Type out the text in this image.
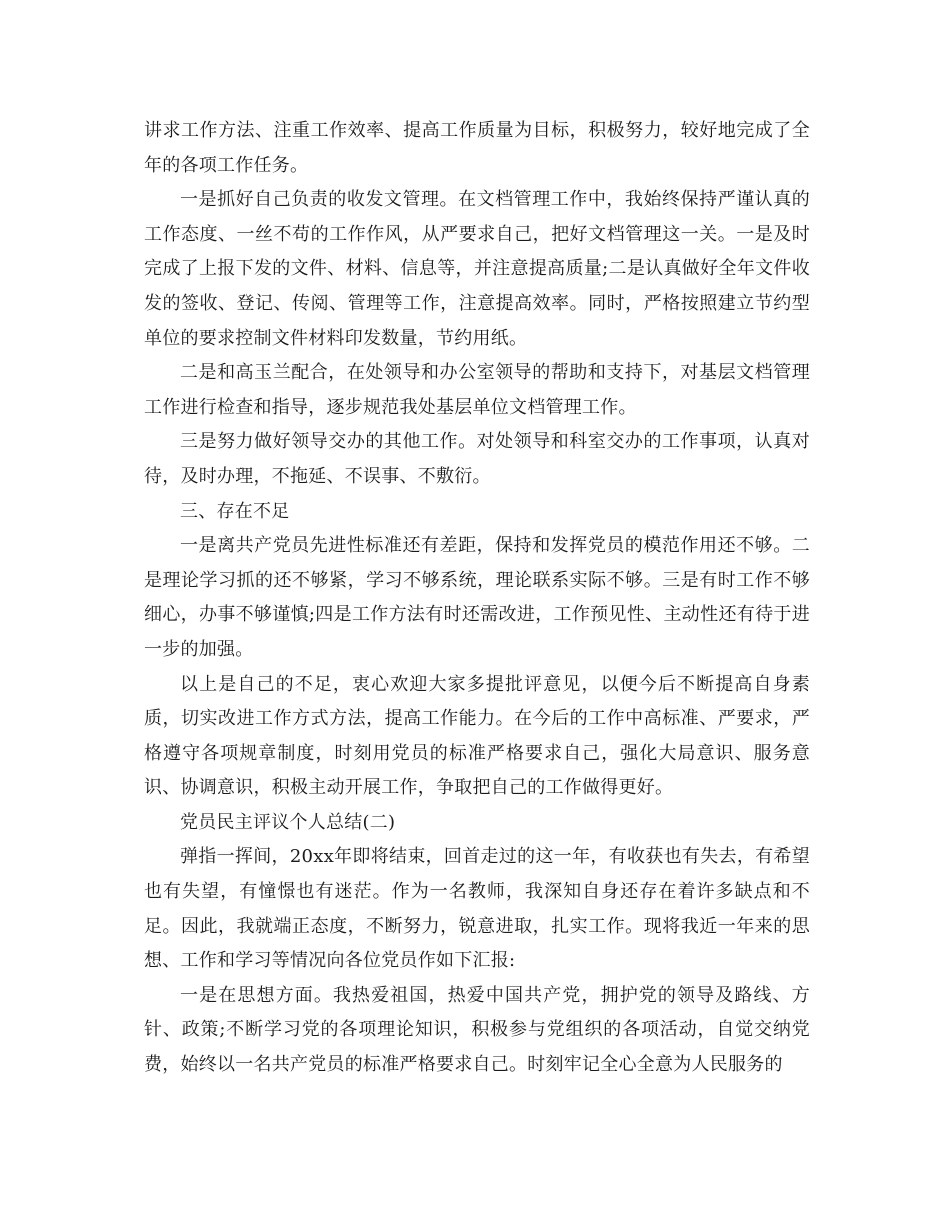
讲求工作方法、注重工作效率、提高工作质量为目标，积极努力，较好地完成了全年的各项工作任务。

一是抓好自己负责的收发文管理。在文档管理工作中，我始终保持严谨认真的工作态度、一丝不苟的工作作风，从严要求自己，把好文档管理这一关。一是及时完成了上报下发的文件、材料、信息等，并注意提高质量;二是认真做好全年文件收发的签收、登记、传阅、管理等工作，注意提高效率。同时，严格按照建立节约型单位的要求控制文件材料印发数量，节约用纸。

二是和高玉兰配合，在处领导和办公室领导的帮助和支持下，对基层文档管理工作进行检查和指导，逐步规范我处基层单位文档管理工作。

三是努力做好领导交办的其他工作。对处领导和科室交办的工作事项，认真对待，及时办理，不拖延、不误事、不敷衍。

三、存在不足

一是离共产党员先进性标准还有差距，保持和发挥党员的模范作用还不够。二是理论学习抓的还不够紧，学习不够系统，理论联系实际不够。三是有时工作不够细心，办事不够谨慎;四是工作方法有时还需改进，工作预见性、主动性还有待于进一步的加强。

以上是自己的不足，衷心欢迎大家多提批评意见，以便今后不断提高自身素质，切实改进工作方式方法，提高工作能力。在今后的工作中高标准、严要求，严格遵守各项规章制度，时刻用党员的标准严格要求自己，强化大局意识、服务意识、协调意识，积极主动开展工作，争取把自己的工作做得更好。

党员民主评议个人总结(二)

弹指一挥间，20xx年即将结束，回首走过的这一年，有收获也有失去，有希望也有失望，有憧憬也有迷茫。作为一名教师，我深知自身还存在着许多缺点和不足。因此，我就端正态度，不断努力，锐意进取，扎实工作。现将我近一年来的思想、工作和学习等情况向各位党员作如下汇报:

一是在思想方面。我热爱祖国，热爱中国共产党，拥护党的领导及路线、方针、政策;不断学习党的各项理论知识，积极参与党组织的各项活动，自觉交纳党费，始终以一名共产党员的标准严格要求自己。时刻牢记全心全意为人民服务的
